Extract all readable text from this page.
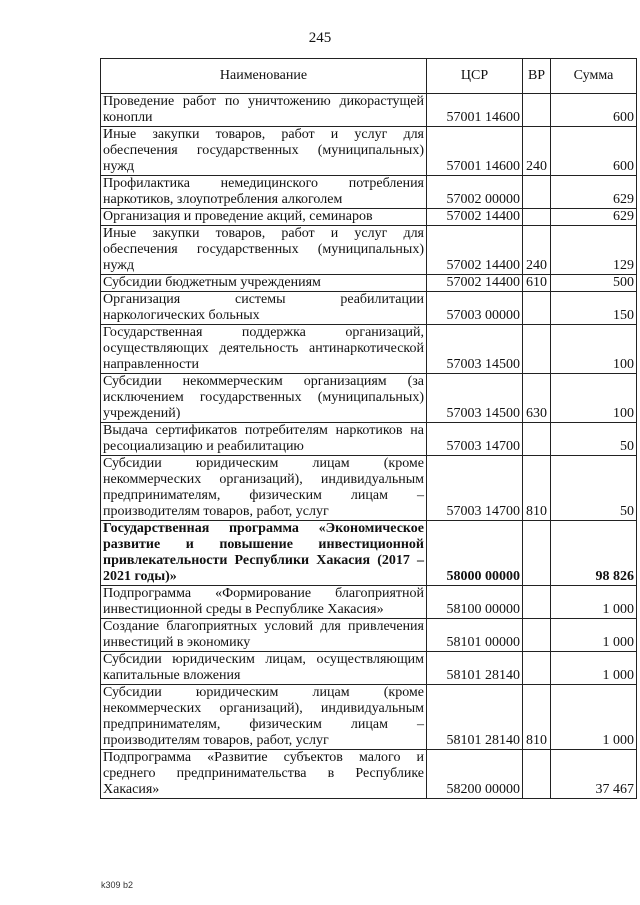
245
Наименование	ЦСР	ВР	Сумма
Проведение работ по уничтожению дикорастущей конопли	57001 14600		600
Иные закупки товаров, работ и услуг для обеспечения государственных (муниципальных) нужд	57001 14600	240	600
Профилактика немедицинского потребления наркотиков, злоупотребления алкоголем	57002 00000		629
Организация и проведение акций, семинаров	57002 14400		629
Иные закупки товаров, работ и услуг для обеспечения государственных (муниципальных) нужд	57002 14400	240	129
Субсидии бюджетным учреждениям	57002 14400	610	500
Организация системы реабилитации наркологических больных	57003 00000		150
Государственная поддержка организаций, осуществляющих деятельность антинаркотической направленности	57003 14500		100
Субсидии некоммерческим организациям (за исключением государственных (муниципальных) учреждений)	57003 14500	630	100
Выдача сертификатов потребителям наркотиков на ресоциализацию и реабилитацию	57003 14700		50
Субсидии юридическим лицам (кроме некоммерческих организаций), индивидуальным предпринимателям, физическим лицам – производителям товаров, работ, услуг	57003 14700	810	50
Государственная программа «Экономическое развитие и повышение инвестиционной привлекательности Республики Хакасия (2017 – 2021 годы)»	58000 00000		98 826
Подпрограмма «Формирование благоприятной инвестиционной среды в Республике Хакасия»	58100 00000		1 000
Создание благоприятных условий для привлечения инвестиций в экономику	58101 00000		1 000
Субсидии юридическим лицам, осуществляющим капитальные вложения	58101 28140		1 000
Субсидии юридическим лицам (кроме некоммерческих организаций), индивидуальным предпринимателям, физическим лицам – производителям товаров, работ, услуг	58101 28140	810	1 000
Подпрограмма «Развитие субъектов малого и среднего предпринимательства в Республике Хакасия»	58200 00000		37 467
k309 b2
